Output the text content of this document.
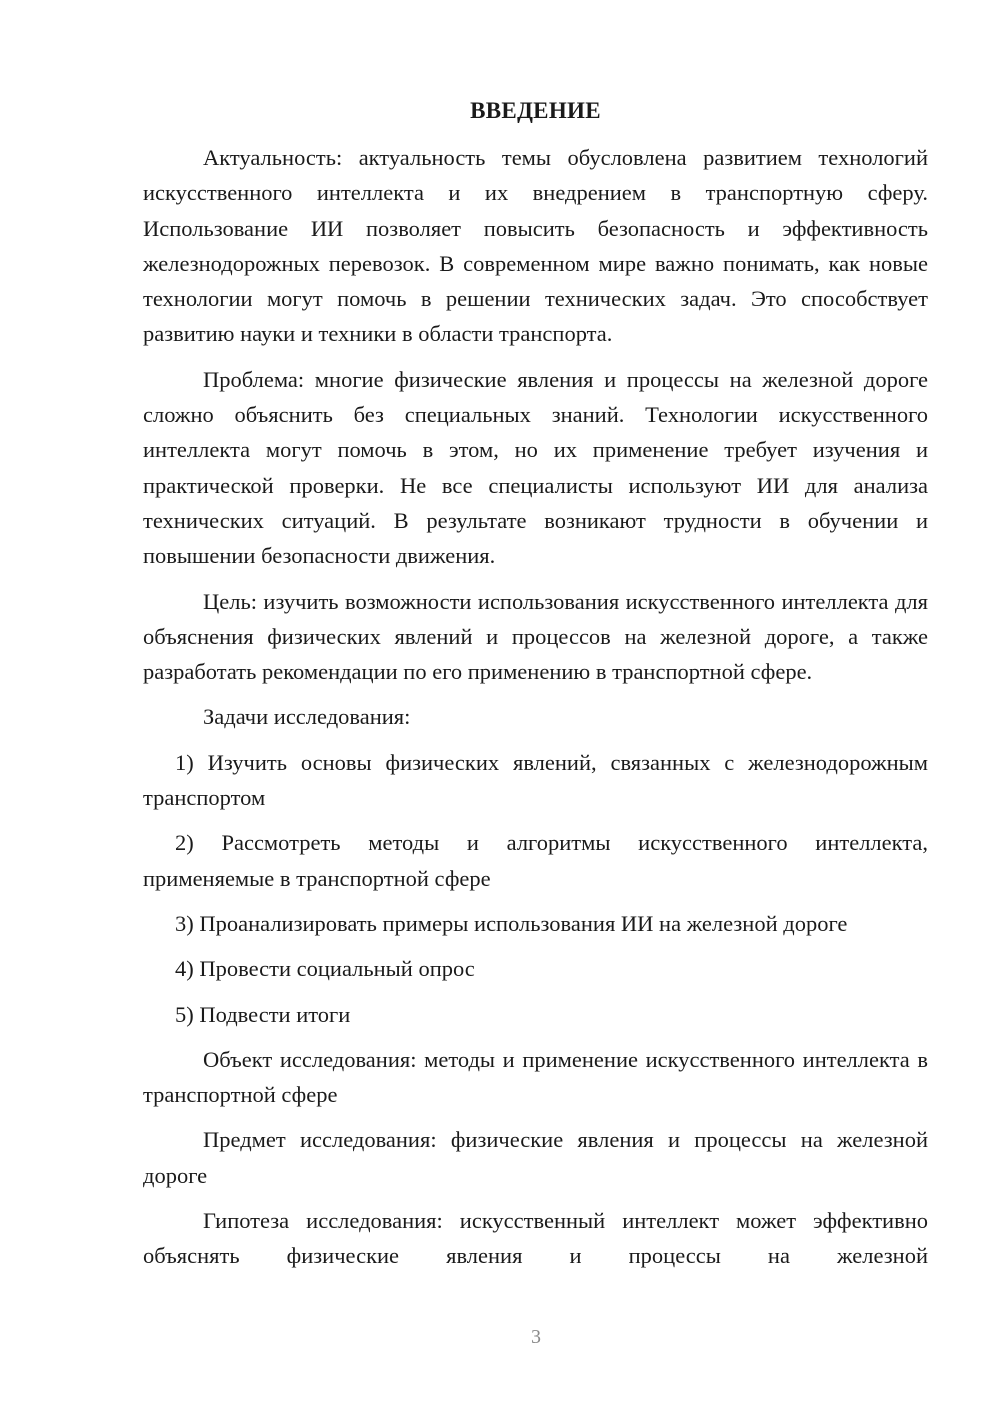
ВВЕДЕНИЕ

Актуальность: актуальность темы обусловлена развитием технологий искусственного интеллекта и их внедрением в транспортную сферу. Использование ИИ позволяет повысить безопасность и эффективность железнодорожных перевозок. В современном мире важно понимать, как новые технологии могут помочь в решении технических задач. Это способствует развитию науки и техники в области транспорта.

Проблема: многие физические явления и процессы на железной дороге сложно объяснить без специальных знаний. Технологии искусственного интеллекта могут помочь в этом, но их применение требует изучения и практической проверки. Не все специалисты используют ИИ для анализа технических ситуаций. В результате возникают трудности в обучении и повышении безопасности движения.

Цель: изучить возможности использования искусственного интеллекта для объяснения физических явлений и процессов на железной дороге, а также разработать рекомендации по его применению в транспортной сфере.

Задачи исследования:

1) Изучить основы физических явлений, связанных с железнодорожным транспортом

2) Рассмотреть методы и алгоритмы искусственного интеллекта, применяемые в транспортной сфере

3) Проанализировать примеры использования ИИ на железной дороге

4) Провести социальный опрос

5) Подвести итоги

Объект исследования: методы и применение искусственного интеллекта в транспортной сфере

Предмет исследования: физические явления и процессы на железной дороге

Гипотеза исследования: искусственный интеллект может эффективно объяснять физические явления и процессы на железной

3
